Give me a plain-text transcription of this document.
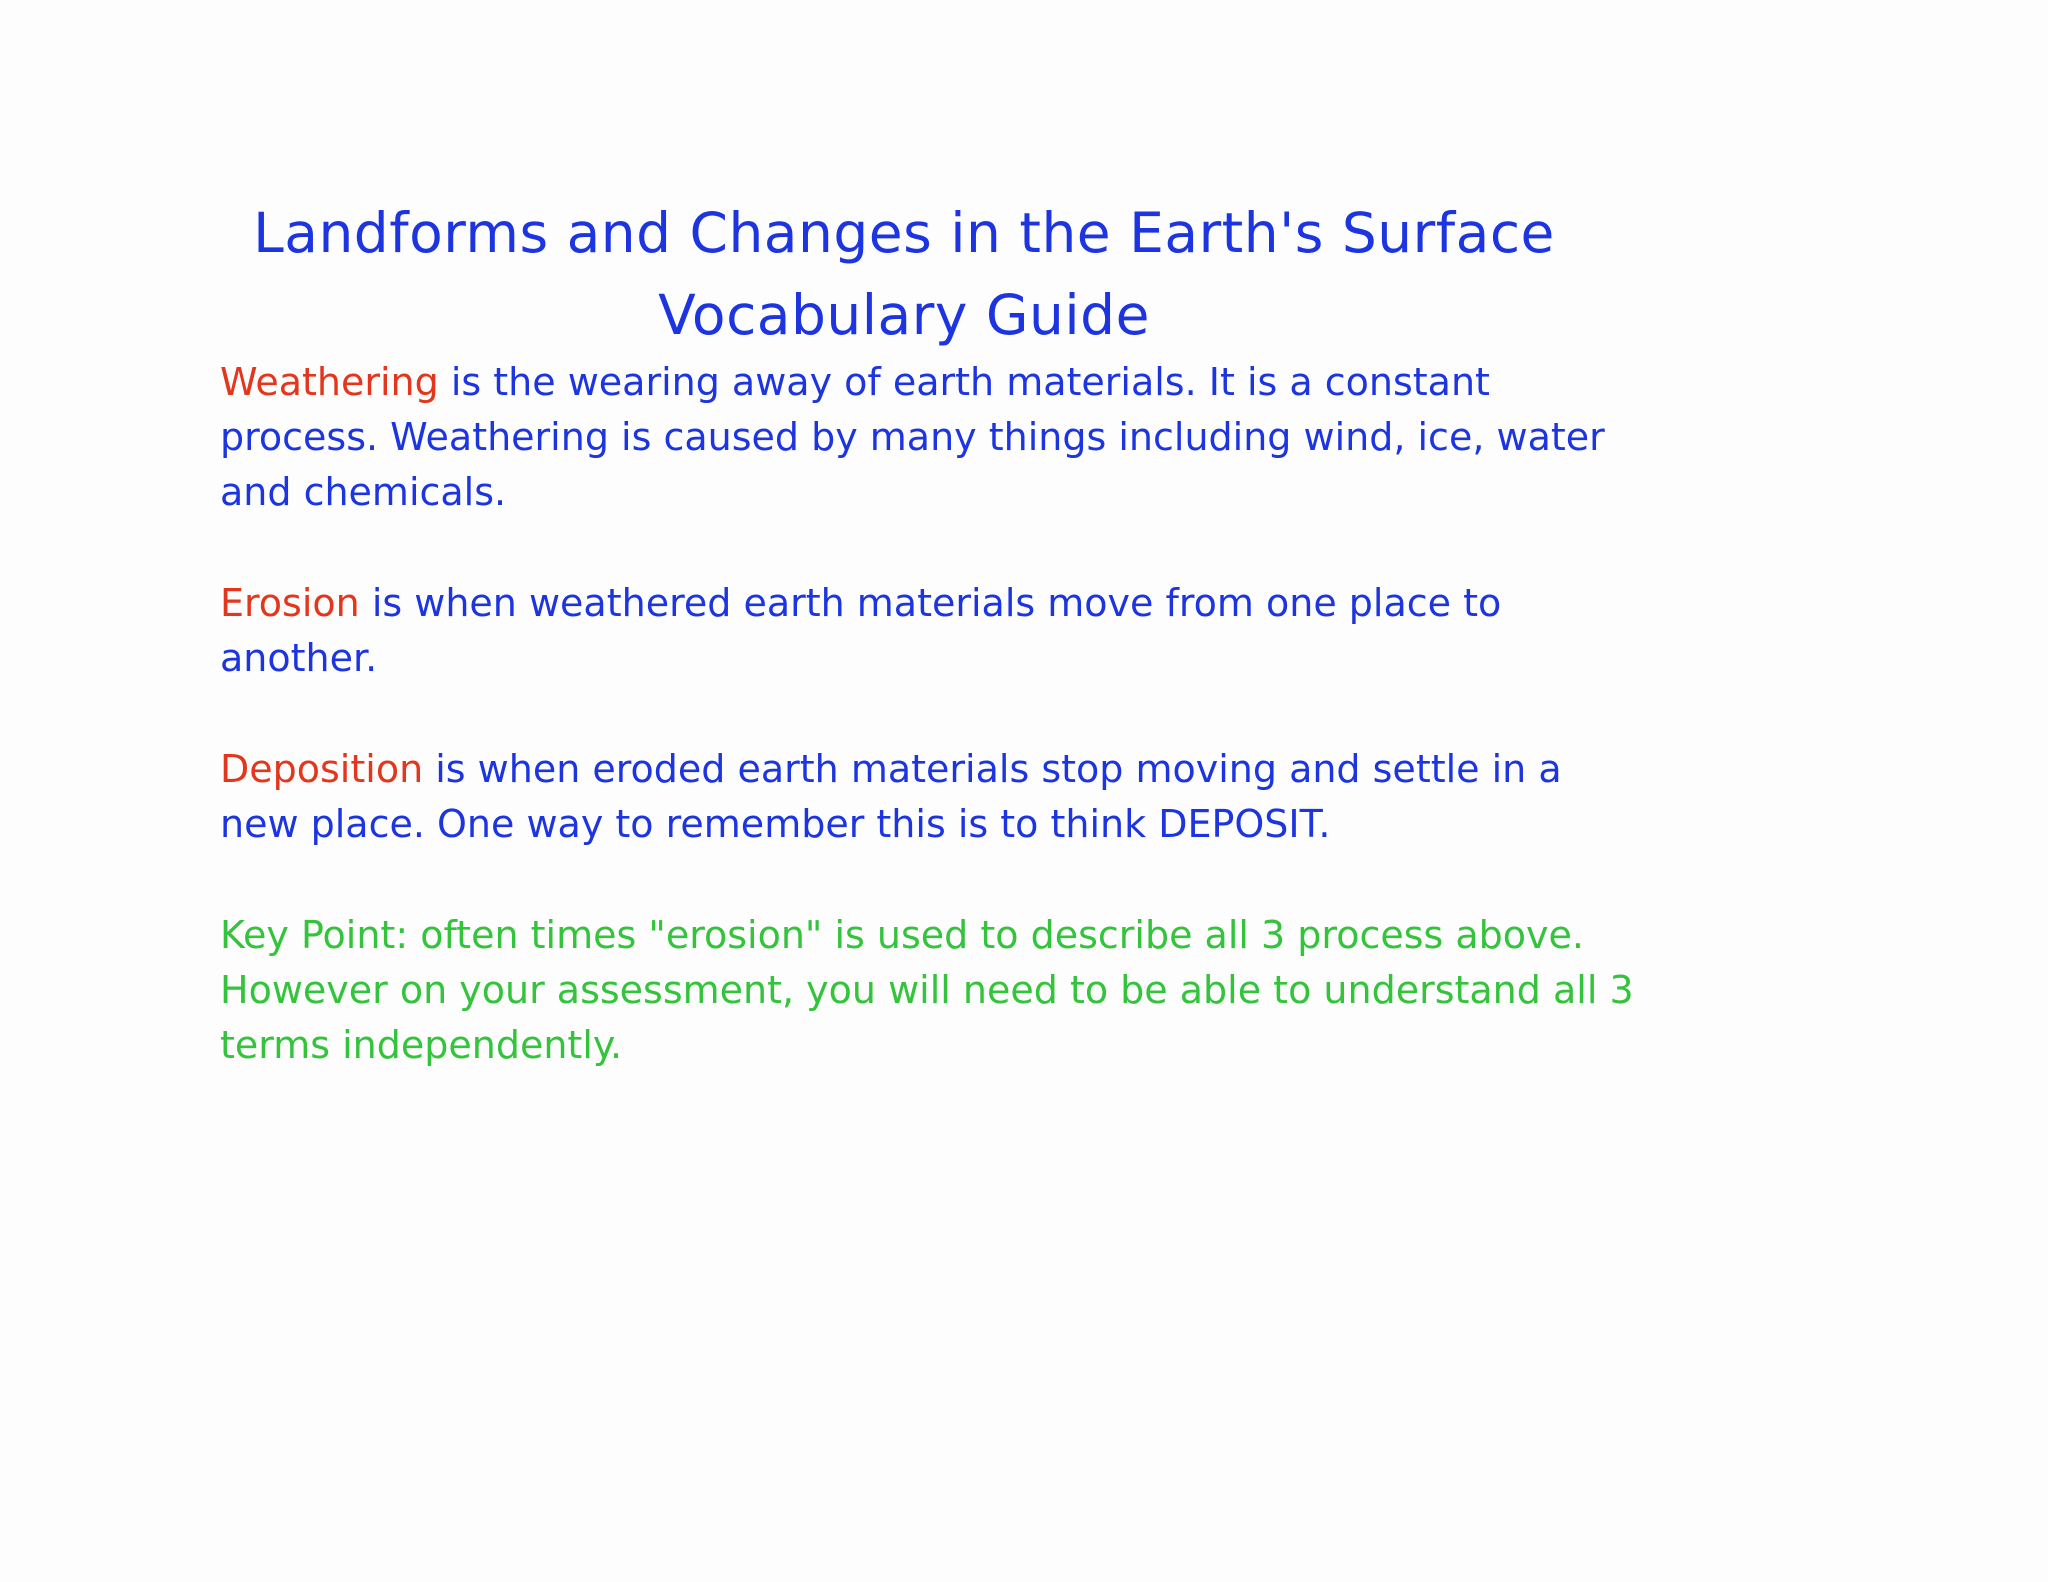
Landforms and Changes in the Earth's Surface
Vocabulary Guide

Weathering is the wearing away of earth materials. It is a constant process. Weathering is caused by many things including wind, ice, water and chemicals.

Erosion is when weathered earth materials move from one place to another.

Deposition is when eroded earth materials stop moving and settle in a new place. One way to remember this is to think DEPOSIT.

Key Point: often times "erosion" is used to describe all 3 process above. However on your assessment, you will need to be able to understand all 3 terms independently.
